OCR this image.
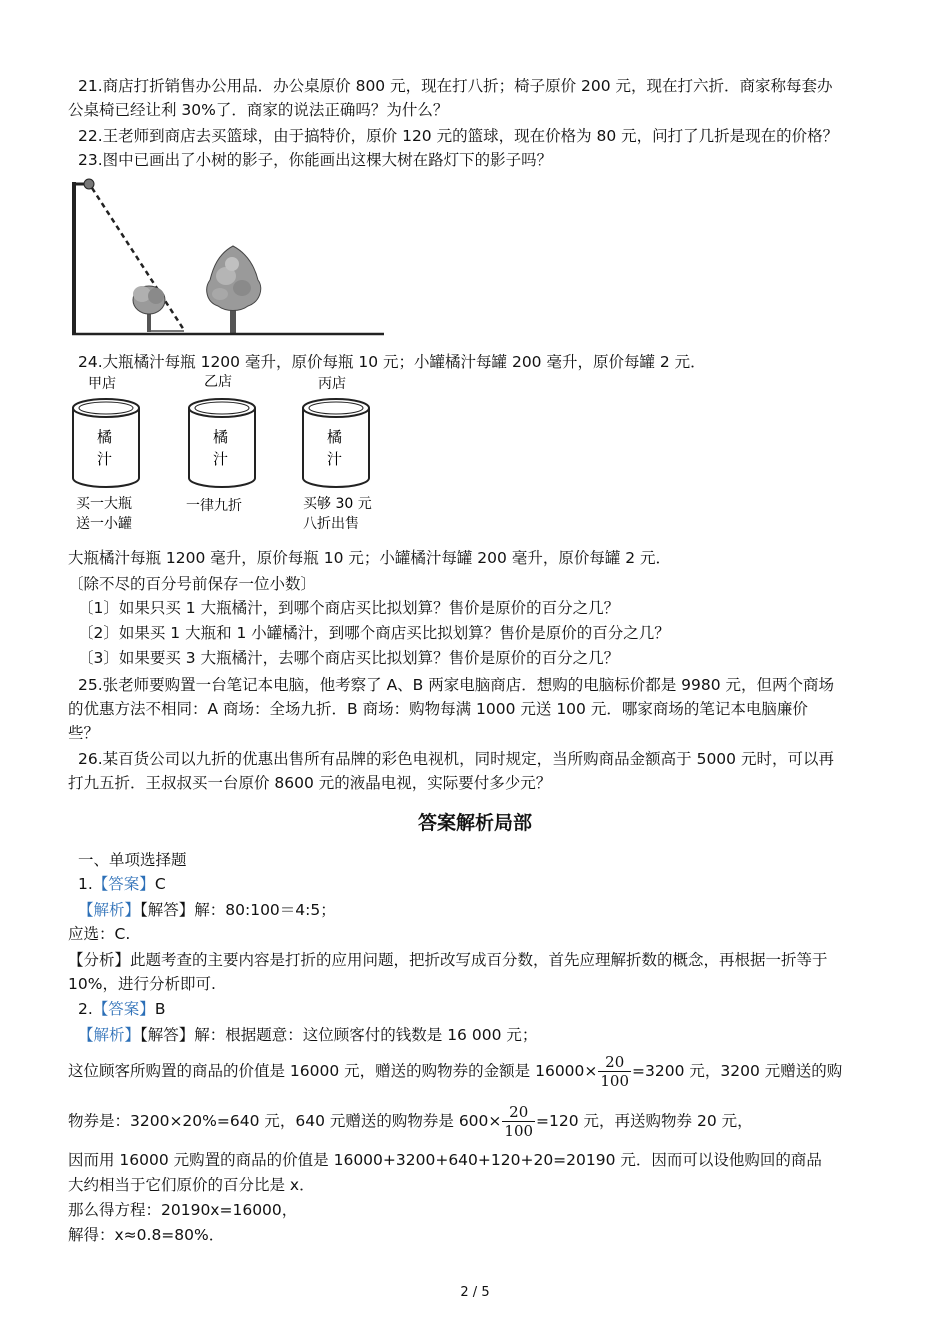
21.商店打折销售办公用品．办公桌原价 800 元，现在打八折；椅子原价 200 元，现在打六折．商家称每套办
公桌椅已经让利 30%了．商家的说法正确吗？为什么？
22.王老师到商店去买篮球，由于搞特价，原价 120 元的篮球，现在价格为 80 元，问打了几折是现在的价格？
23.图中已画出了小树的影子，你能画出这棵大树在路灯下的影子吗？
24.大瓶橘汁每瓶 1200 毫升，原价每瓶 10 元；小罐橘汁每罐 200 毫升，原价每罐 2 元．
甲店
橘
汁
买一大瓶
送一小罐
乙店
橘
汁
一律九折
丙店
橘
汁
买够 30 元
八折出售
大瓶橘汁每瓶 1200 毫升，原价每瓶 10 元；小罐橘汁每罐 200 毫升，原价每罐 2 元．
〔除不尽的百分号前保存一位小数〕
〔1〕如果只买 1 大瓶橘汁，到哪个商店买比拟划算？售价是原价的百分之几？
〔2〕如果买 1 大瓶和 1 小罐橘汁，到哪个商店买比拟划算？售价是原价的百分之几？
〔3〕如果要买 3 大瓶橘汁，去哪个商店买比拟划算？售价是原价的百分之几？
25.张老师要购置一台笔记本电脑，他考察了 A、B 两家电脑商店．想购的电脑标价都是 9980 元，但两个商场
的优惠方法不相同：A 商场：全场九折．B 商场：购物每满 1000 元送 100 元．哪家商场的笔记本电脑廉价
些？
26.某百货公司以九折的优惠出售所有品牌的彩色电视机，同时规定，当所购商品金额高于 5000 元时，可以再
打九五折．王叔叔买一台原价 8600 元的液晶电视，实际要付多少元？
答案解析局部
一、单项选择题
1.【答案】C
【解析】【解答】解：80:100＝4:5；
应选：C.
【分析】此题考查的主要内容是打折的应用问题，把折改写成百分数，首先应理解折数的概念，再根据一折等于
10%，进行分析即可.
2.【答案】B
【解析】【解答】解：根据题意：这位顾客付的钱数是 16 000 元；
这位顾客所购置的商品的价值是 16000 元，赠送的购物券的金额是 $16000\times \frac{20}{100} =3200$ 元，3200 元赠送的购
物券是：3200×20%=640 元，640 元赠送的购物券是 $600\times \frac{20}{100} =120$ 元，再送购物券 20 元，
因而用 16000 元购置的商品的价值是 16000+3200+640+120+20=20190 元．因而可以设他购回的商品
大约相当于它们原价的百分比是 x．
那么得方程：20190x=16000，
解得：x≈0.8=80%．
2 / 5
